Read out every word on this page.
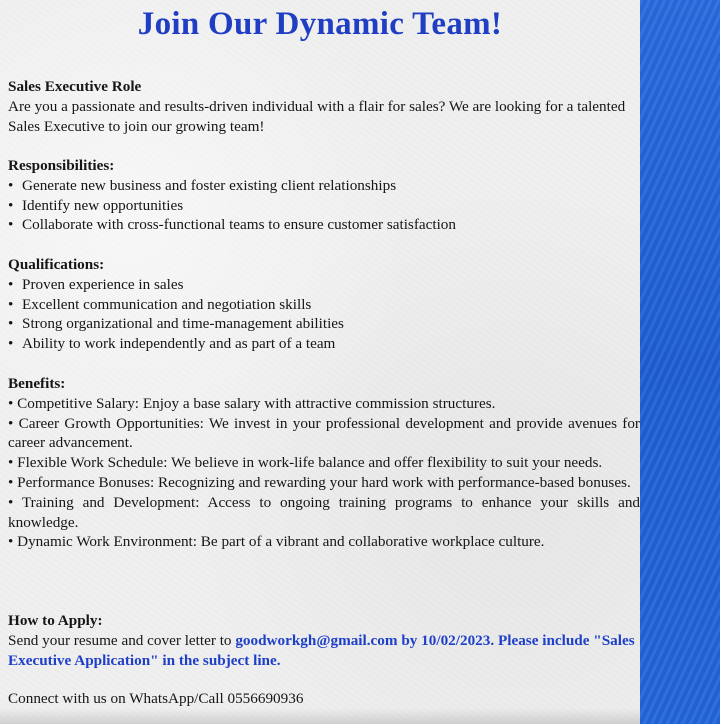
Join Our Dynamic Team!
Sales Executive Role
Are you a passionate and results-driven individual with a flair for sales? We are looking for a talented Sales Executive to join our growing team!
Responsibilities:
• Generate new business and foster existing client relationships
• Identify new opportunities
• Collaborate with cross-functional teams to ensure customer satisfaction
Qualifications:
• Proven experience in sales
• Excellent communication and negotiation skills
• Strong organizational and time-management abilities
• Ability to work independently and as part of a team
Benefits:
• Competitive Salary: Enjoy a base salary with attractive commission structures.
• Career Growth Opportunities: We invest in your professional development and provide avenues for career advancement.
• Flexible Work Schedule: We believe in work-life balance and offer flexibility to suit your needs.
• Performance Bonuses: Recognizing and rewarding your hard work with performance-based bonuses.
• Training and Development: Access to ongoing training programs to enhance your skills and knowledge.
• Dynamic Work Environment: Be part of a vibrant and collaborative workplace culture.
How to Apply:
Send your resume and cover letter to goodworkgh@gmail.com by 10/02/2023. Please include "Sales Executive Application" in the subject line.
Connect with us on WhatsApp/Call 0556690936
